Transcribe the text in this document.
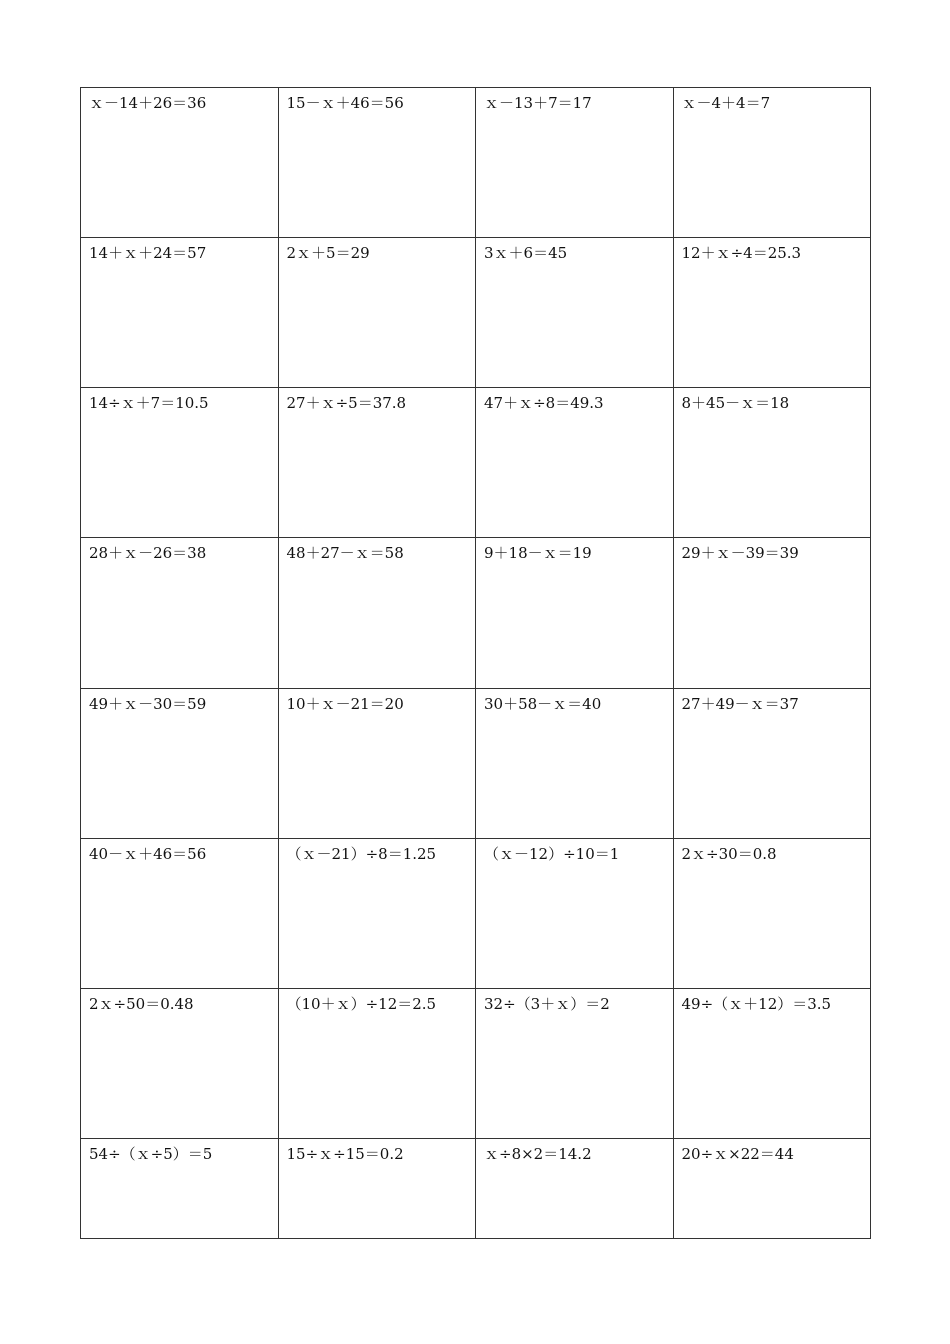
ｘ－14＋26＝36	15－ｘ＋46＝56	ｘ－13＋7＝17	ｘ－4＋4＝7
14＋ｘ＋24＝57	2ｘ＋5＝29	3ｘ＋6＝45	12＋ｘ÷4＝25.3
14÷ｘ＋7＝10.5	27＋ｘ÷5＝37.8	47＋ｘ÷8＝49.3	8＋45－ｘ＝18
28＋ｘ－26＝38	48＋27－ｘ＝58	9＋18－ｘ＝19	29＋ｘ－39＝39
49＋ｘ－30＝59	10＋ｘ－21＝20	30＋58－ｘ＝40	27＋49－ｘ＝37
40－ｘ＋46＝56	（ｘ－21）÷8＝1.25	（ｘ－12）÷10＝1	2ｘ÷30＝0.8
2ｘ÷50＝0.48	（10＋ｘ）÷12＝2.5	32÷（3＋ｘ）＝2	49÷（ｘ＋12）＝3.5
54÷（ｘ÷5）＝5	15÷ｘ÷15＝0.2	ｘ÷8×2＝14.2	20÷ｘ×22＝44
